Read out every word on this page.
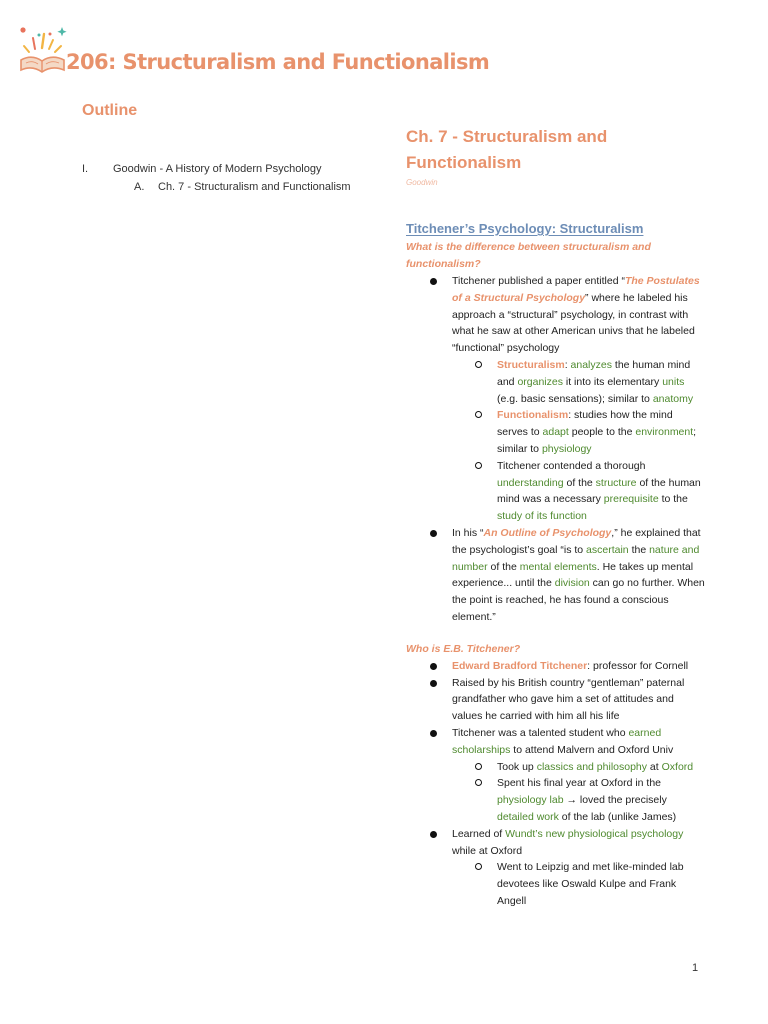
206: Structuralism and Functionalism
Outline
I. Goodwin - A History of Modern Psychology
A. Ch. 7 - Structuralism and Functionalism
Ch. 7 - Structuralism and Functionalism
Goodwin
Titchener’s Psychology: Structuralism
What is the difference between structuralism and functionalism?
Titchener published a paper entitled “The Postulates of a Structural Psychology” where he labeled his approach a “structural” psychology, in contrast with what he saw at other American univs that he labeled “functional” psychology
Structuralism: analyzes the human mind and organizes it into its elementary units (e.g. basic sensations); similar to anatomy
Functionalism: studies how the mind serves to adapt people to the environment; similar to physiology
Titchener contended a thorough understanding of the structure of the human mind was a necessary prerequisite to the study of its function
In his “An Outline of Psychology,” he explained that the psychologist’s goal “is to ascertain the nature and number of the mental elements. He takes up mental experience... until the division can go no further. When the point is reached, he has found a conscious element.”
Who is E.B. Titchener?
Edward Bradford Titchener: professor for Cornell
Raised by his British country “gentleman” paternal grandfather who gave him a set of attitudes and values he carried with him all his life
Titchener was a talented student who earned scholarships to attend Malvern and Oxford Univ
Took up classics and philosophy at Oxford
Spent his final year at Oxford in the physiology lab → loved the precisely detailed work of the lab (unlike James)
Learned of Wundt’s new physiological psychology while at Oxford
Went to Leipzig and met like-minded lab devotees like Oswald Kulpe and Frank Angell
1
